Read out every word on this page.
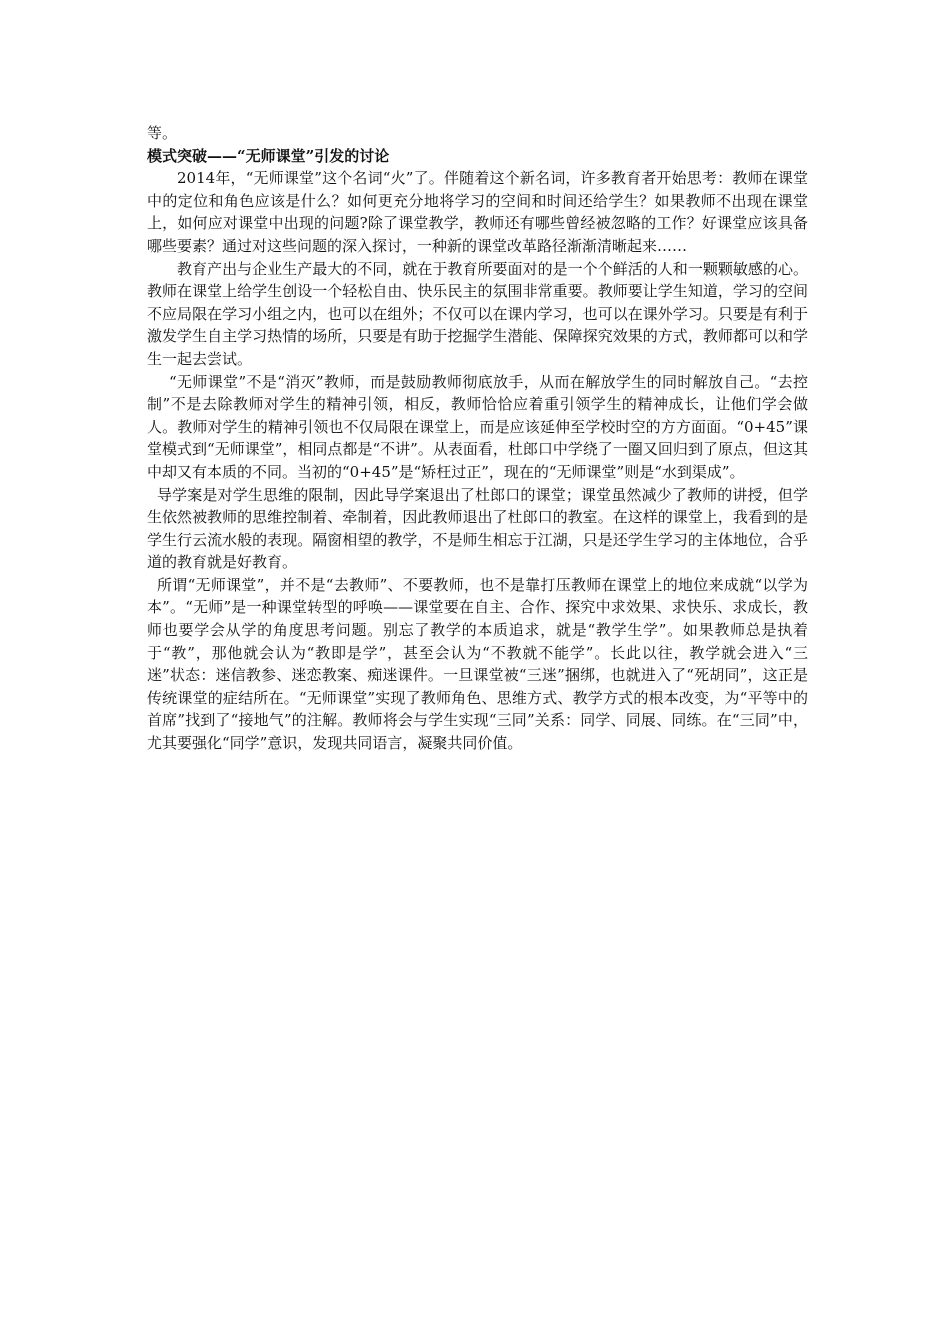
等。

模式突破——“无师课堂”引发的讨论

2014年，“无师课堂”这个名词“火”了。伴随着这个新名词，许多教育者开始思考：教师在课堂中的定位和角色应该是什么？如何更充分地将学习的空间和时间还给学生？如果教师不出现在课堂上，如何应对课堂中出现的问题?除了课堂教学，教师还有哪些曾经被忽略的工作？好课堂应该具备哪些要素？通过对这些问题的深入探讨，一种新的课堂改革路径渐渐清晰起来……

教育产出与企业生产最大的不同，就在于教育所要面对的是一个个鲜活的人和一颗颗敏感的心。教师在课堂上给学生创设一个轻松自由、快乐民主的氛围非常重要。教师要让学生知道，学习的空间不应局限在学习小组之内，也可以在组外；不仅可以在课内学习，也可以在课外学习。只要是有利于激发学生自主学习热情的场所，只要是有助于挖掘学生潜能、保障探究效果的方式，教师都可以和学生一起去尝试。

“无师课堂”不是“消灭”教师，而是鼓励教师彻底放手，从而在解放学生的同时解放自己。“去控制”不是去除教师对学生的精神引领，相反，教师恰恰应着重引领学生的精神成长，让他们学会做人。教师对学生的精神引领也不仅局限在课堂上，而是应该延伸至学校时空的方方面面。“0+45”课堂模式到“无师课堂”，相同点都是“不讲”。从表面看，杜郎口中学绕了一圈又回归到了原点，但这其中却又有本质的不同。当初的“0+45”是“矫枉过正”，现在的“无师课堂”则是“水到渠成”。

导学案是对学生思维的限制，因此导学案退出了杜郎口的课堂；课堂虽然减少了教师的讲授，但学生依然被教师的思维控制着、牵制着，因此教师退出了杜郎口的教室。在这样的课堂上，我看到的是学生行云流水般的表现。隔窗相望的教学，不是师生相忘于江湖，只是还学生学习的主体地位，合乎道的教育就是好教育。

所谓“无师课堂”，并不是“去教师”、不要教师，也不是靠打压教师在课堂上的地位来成就“以学为本”。“无师”是一种课堂转型的呼唤——课堂要在自主、合作、探究中求效果、求快乐、求成长，教师也要学会从学的角度思考问题。别忘了教学的本质追求，就是“教学生学”。如果教师总是执着于“教”，那他就会认为“教即是学”，甚至会认为“不教就不能学”。长此以往，教学就会进入“三迷”状态：迷信教参、迷恋教案、痴迷课件。一旦课堂被“三迷”捆绑，也就进入了“死胡同”，这正是传统课堂的症结所在。“无师课堂”实现了教师角色、思维方式、教学方式的根本改变，为“平等中的首席”找到了“接地气”的注解。教师将会与学生实现“三同”关系：同学、同展、同练。在“三同”中，尤其要强化“同学”意识，发现共同语言，凝聚共同价值。
